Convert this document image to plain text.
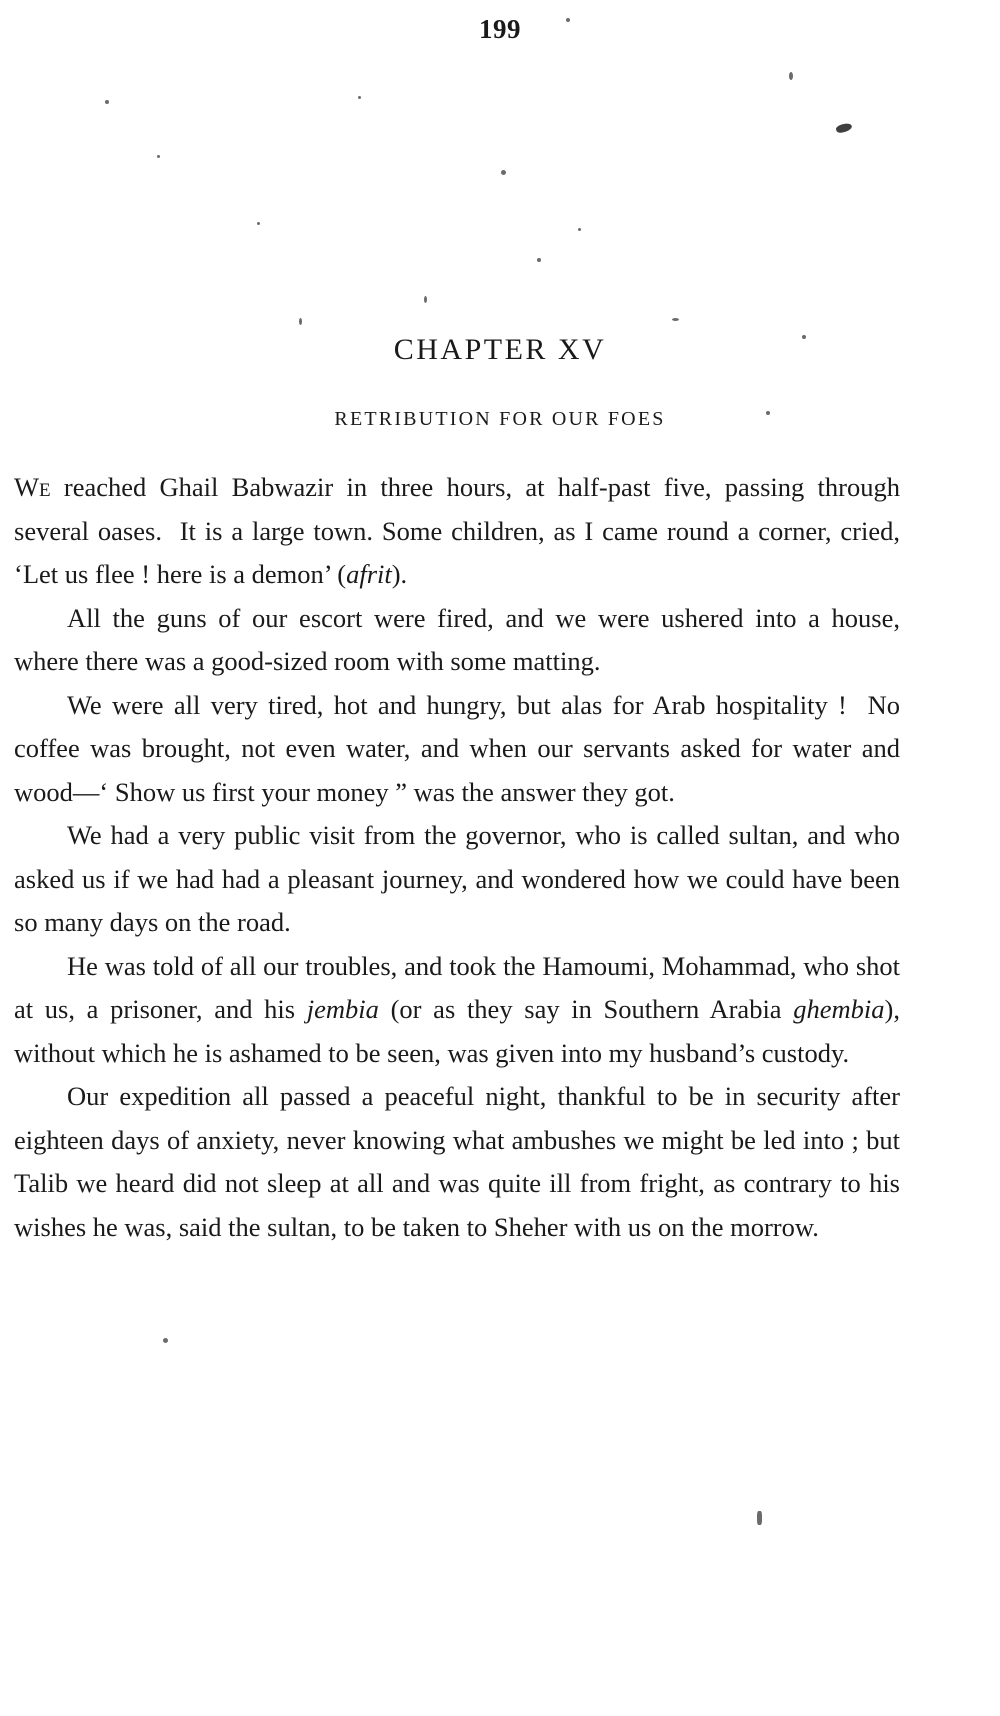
199
CHAPTER XV
RETRIBUTION FOR OUR FOES

We reached Ghail Babwazir in three hours, at half-past five, passing through several oases.  It is a large town. Some children, as I came round a corner, cried, ‘Let us flee ! here is a demon’ (afrit).

All the guns of our escort were fired, and we were ushered into a house, where there was a good-sized room with some matting.

We were all very tired, hot and hungry, but alas for Arab hospitality !  No coffee was brought, not even water, and when our servants asked for water and wood—‘ Show us first your money ” was the answer they got.

We had a very public visit from the governor, who is called sultan, and who asked us if we had had a pleasant journey, and wondered how we could have been so many days on the road.

He was told of all our troubles, and took the Hamoumi, Mohammad, who shot at us, a prisoner, and his jembia (or as they say in Southern Arabia ghembia), without which he is ashamed to be seen, was given into my husband’s custody.

Our expedition all passed a peaceful night, thankful to be in security after eighteen days of anxiety, never knowing what ambushes we might be led into ; but Talib we heard did not sleep at all and was quite ill from fright, as contrary to his wishes he was, said the sultan, to be taken to Sheher with us on the morrow.
